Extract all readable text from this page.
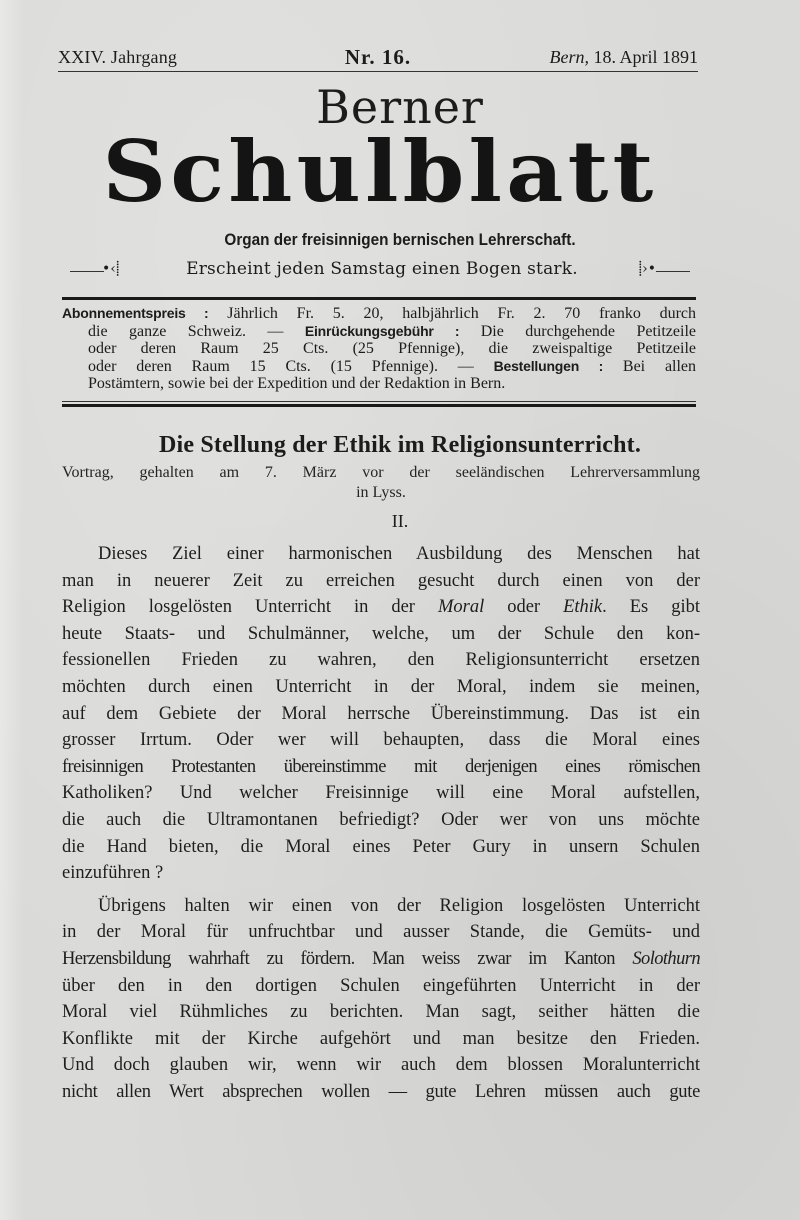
XXIV. Jahrgang	Nr. 16.	Bern, 18. April 1891
Berner
Schulblatt
Organ der freisinnigen bernischen Lehrerschaft.
•‹⸽	Erscheint jeden Samstag einen Bogen stark.	⸽›•
Abonnementspreis : Jährlich Fr. 5. 20, halbjährlich Fr. 2. 70 franko durch
die ganze Schweiz. — Einrückungsgebühr : Die durchgehende Petitzeile
oder deren Raum 25 Cts. (25 Pfennige), die zweispaltige Petitzeile
oder deren Raum 15 Cts. (15 Pfennige). — Bestellungen : Bei allen
Postämtern, sowie bei der Expedition und der Redaktion in Bern.
Die Stellung der Ethik im Religionsunterricht.
Vortrag, gehalten am 7. März vor der seeländischen Lehrerversammlung
in Lyss.
II.
Dieses Ziel einer harmonischen Ausbildung des Menschen hat
man in neuerer Zeit zu erreichen gesucht durch einen von der
Religion losgelösten Unterricht in der Moral oder Ethik. Es gibt
heute Staats- und Schulmänner, welche, um der Schule den kon-
fessionellen Frieden zu wahren, den Religionsunterricht ersetzen
möchten durch einen Unterricht in der Moral, indem sie meinen,
auf dem Gebiete der Moral herrsche Übereinstimmung. Das ist ein
grosser Irrtum. Oder wer will behaupten, dass die Moral eines
freisinnigen Protestanten übereinstimme mit derjenigen eines römischen
Katholiken? Und welcher Freisinnige will eine Moral aufstellen,
die auch die Ultramontanen befriedigt? Oder wer von uns möchte
die Hand bieten, die Moral eines Peter Gury in unsern Schulen
einzuführen ?
Übrigens halten wir einen von der Religion losgelösten Unterricht
in der Moral für unfruchtbar und ausser Stande, die Gemüts- und
Herzensbildung wahrhaft zu fördern. Man weiss zwar im Kanton Solothurn
über den in den dortigen Schulen eingeführten Unterricht in der
Moral viel Rühmliches zu berichten. Man sagt, seither hätten die
Konflikte mit der Kirche aufgehört und man besitze den Frieden.
Und doch glauben wir, wenn wir auch dem blossen Moralunterricht
nicht allen Wert absprechen wollen — gute Lehren müssen auch gute
